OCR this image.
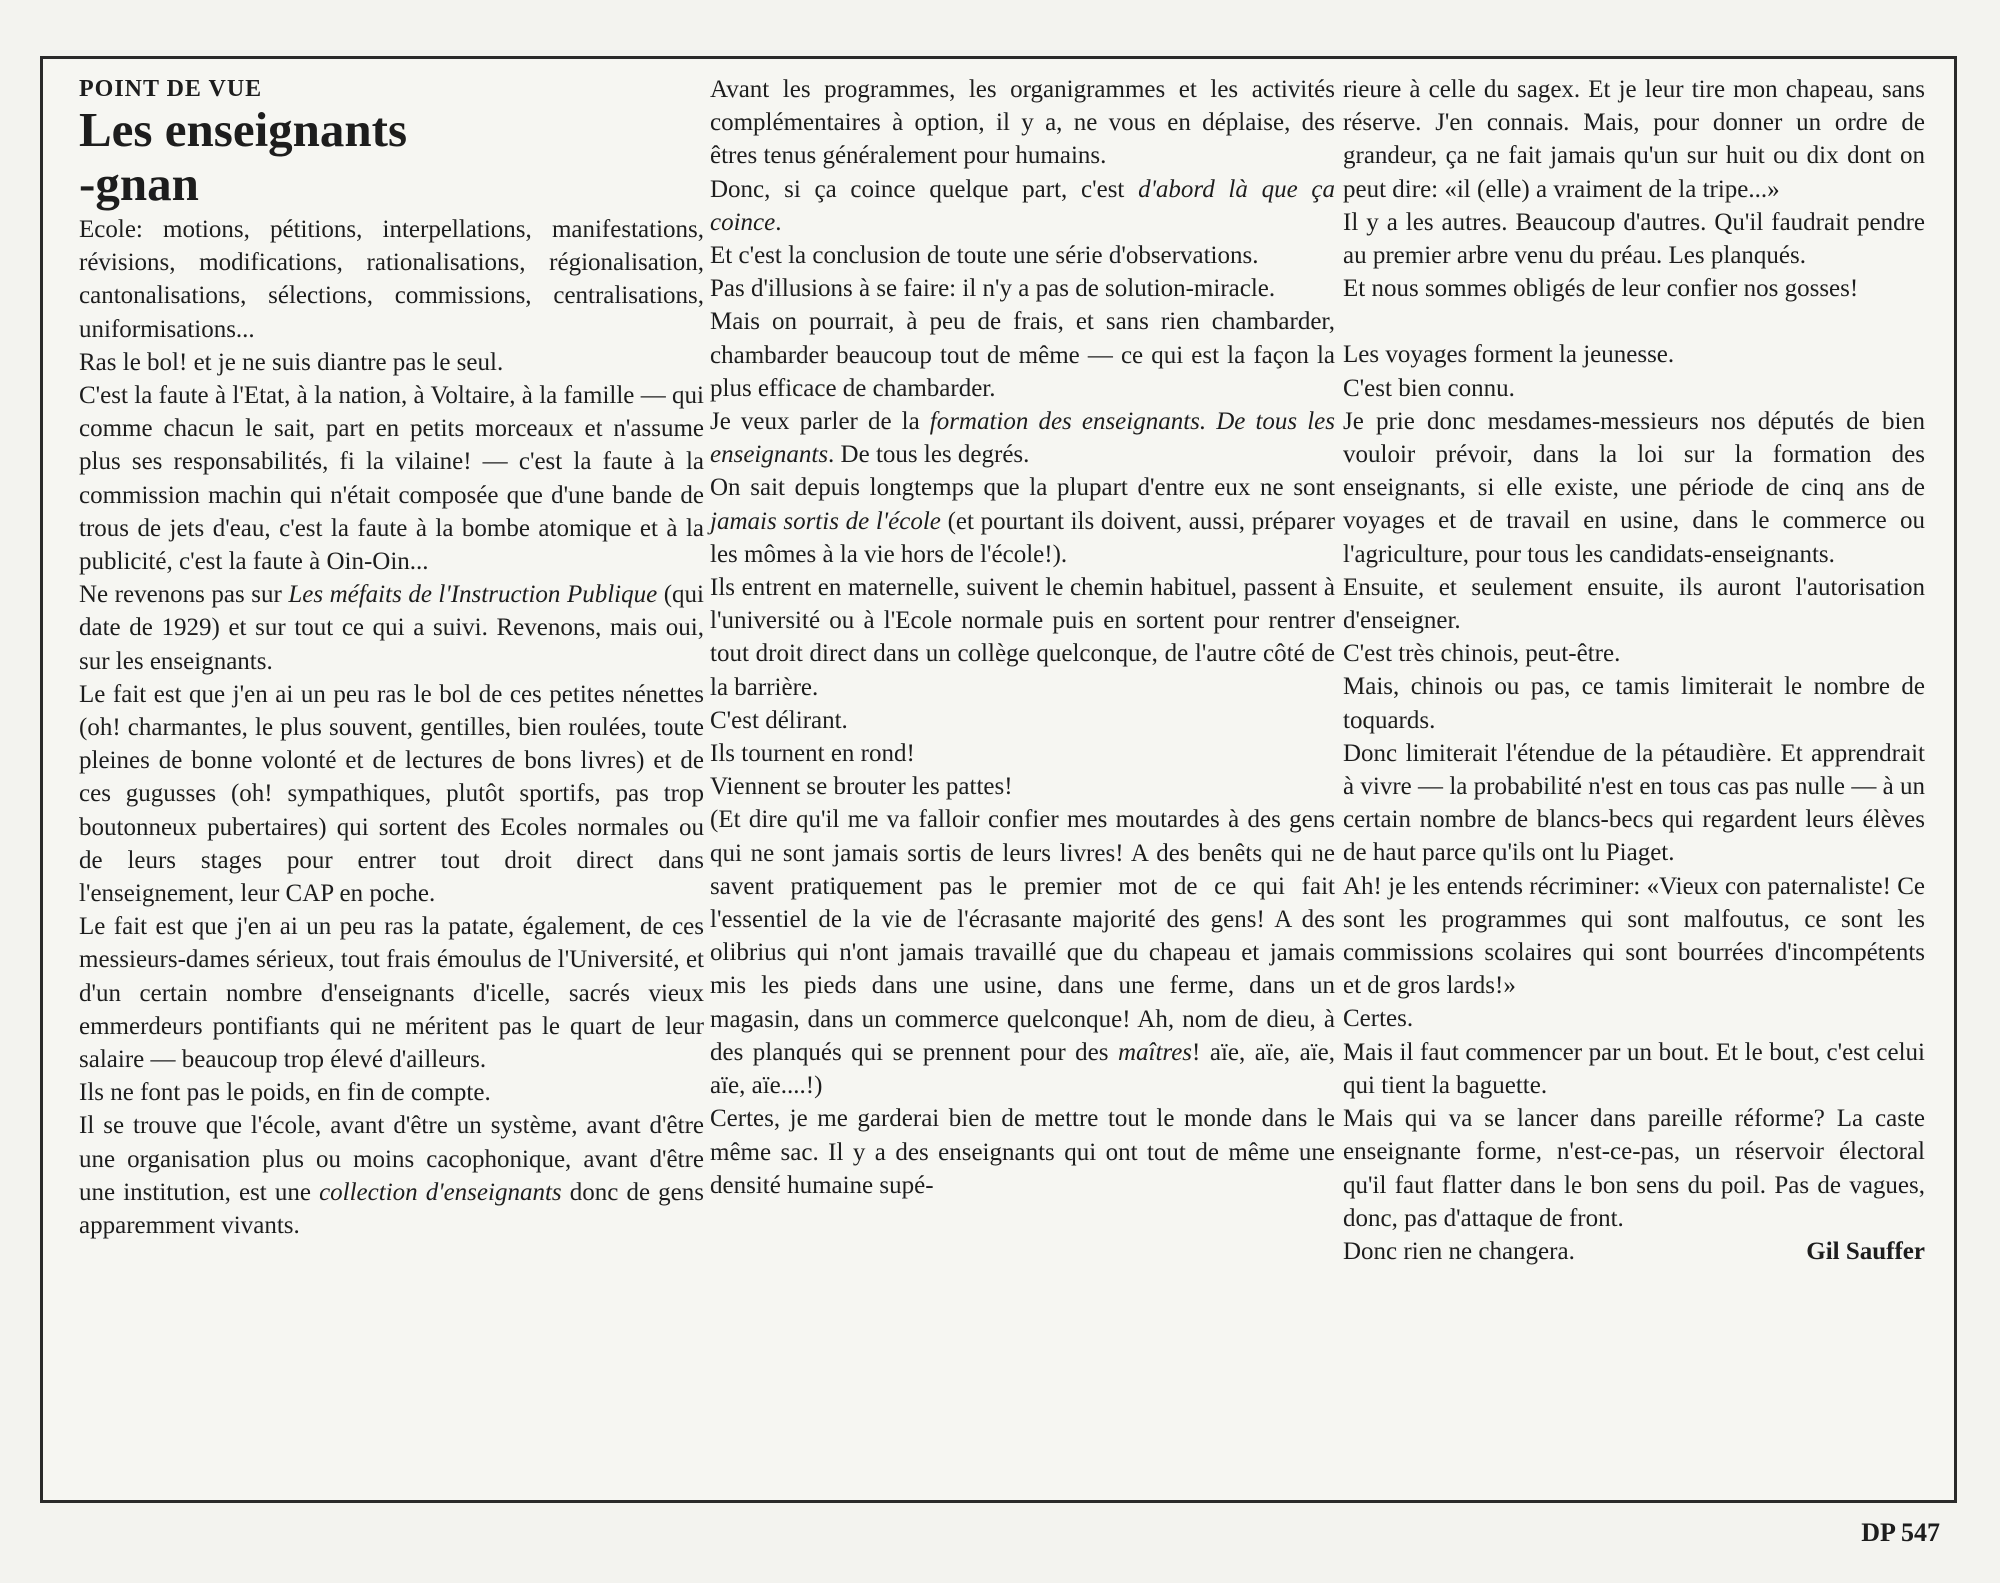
POINT DE VUE
Les enseignants
-gnan

Ecole: motions, pétitions, interpellations, manifestations, révisions, modifications, rationalisations, régionalisation, cantonalisations, sélections, commissions, centralisations, uniformisations...

Ras le bol! et je ne suis diantre pas le seul.

C'est la faute à l'Etat, à la nation, à Voltaire, à la famille — qui comme chacun le sait, part en petits morceaux et n'assume plus ses responsabilités, fi la vilaine! — c'est la faute à la commission machin qui n'était composée que d'une bande de trous de jets d'eau, c'est la faute à la bombe atomique et à la publicité, c'est la faute à Oin-Oin...

Ne revenons pas sur Les méfaits de l'Instruction Publique (qui date de 1929) et sur tout ce qui a suivi. Revenons, mais oui, sur les enseignants.

Le fait est que j'en ai un peu ras le bol de ces petites nénettes (oh! charmantes, le plus souvent, gentilles, bien roulées, toute pleines de bonne volonté et de lectures de bons livres) et de ces gugusses (oh! sympathiques, plutôt sportifs, pas trop boutonneux pubertaires) qui sortent des Ecoles normales ou de leurs stages pour entrer tout droit direct dans l'enseignement, leur CAP en poche.

Le fait est que j'en ai un peu ras la patate, également, de ces messieurs-dames sérieux, tout frais émoulus de l'Université, et d'un certain nombre d'enseignants d'icelle, sacrés vieux emmerdeurs pontifiants qui ne méritent pas le quart de leur salaire — beaucoup trop élevé d'ailleurs.

Ils ne font pas le poids, en fin de compte.

Il se trouve que l'école, avant d'être un système, avant d'être une organisation plus ou moins cacophonique, avant d'être une institution, est une collection d'enseignants donc de gens apparemment vivants.

Avant les programmes, les organigrammes et les activités complémentaires à option, il y a, ne vous en déplaise, des êtres tenus généralement pour humains.

Donc, si ça coince quelque part, c'est d'abord là que ça coince.

Et c'est la conclusion de toute une série d'observations.

Pas d'illusions à se faire: il n'y a pas de solution-miracle.

Mais on pourrait, à peu de frais, et sans rien chambarder, chambarder beaucoup tout de même — ce qui est la façon la plus efficace de chambarder.

Je veux parler de la formation des enseignants. De tous les enseignants. De tous les degrés.

On sait depuis longtemps que la plupart d'entre eux ne sont jamais sortis de l'école (et pourtant ils doivent, aussi, préparer les mômes à la vie hors de l'école!).

Ils entrent en maternelle, suivent le chemin habituel, passent à l'université ou à l'Ecole normale puis en sortent pour rentrer tout droit direct dans un collège quelconque, de l'autre côté de la barrière.

C'est délirant.

Ils tournent en rond!

Viennent se brouter les pattes!

(Et dire qu'il me va falloir confier mes moutardes à des gens qui ne sont jamais sortis de leurs livres! A des benêts qui ne savent pratiquement pas le premier mot de ce qui fait l'essentiel de la vie de l'écrasante majorité des gens! A des olibrius qui n'ont jamais travaillé que du chapeau et jamais mis les pieds dans une usine, dans une ferme, dans un magasin, dans un commerce quelconque! Ah, nom de dieu, à des planqués qui se prennent pour des maîtres! aïe, aïe, aïe, aïe, aïe....!)

Certes, je me garderai bien de mettre tout le monde dans le même sac. Il y a des enseignants qui ont tout de même une densité humaine supé-

rieure à celle du sagex. Et je leur tire mon chapeau, sans réserve. J'en connais. Mais, pour donner un ordre de grandeur, ça ne fait jamais qu'un sur huit ou dix dont on peut dire: «il (elle) a vraiment de la tripe...»

Il y a les autres. Beaucoup d'autres. Qu'il faudrait pendre au premier arbre venu du préau. Les planqués.

Et nous sommes obligés de leur confier nos gosses!

Les voyages forment la jeunesse.

C'est bien connu.

Je prie donc mesdames-messieurs nos députés de bien vouloir prévoir, dans la loi sur la formation des enseignants, si elle existe, une période de cinq ans de voyages et de travail en usine, dans le commerce ou l'agriculture, pour tous les candidats-enseignants.

Ensuite, et seulement ensuite, ils auront l'autorisation d'enseigner.

C'est très chinois, peut-être.

Mais, chinois ou pas, ce tamis limiterait le nombre de toquards.

Donc limiterait l'étendue de la pétaudière. Et apprendrait à vivre — la probabilité n'est en tous cas pas nulle — à un certain nombre de blancs-becs qui regardent leurs élèves de haut parce qu'ils ont lu Piaget.

Ah! je les entends récriminer: «Vieux con paternaliste! Ce sont les programmes qui sont malfoutus, ce sont les commissions scolaires qui sont bourrées d'incompétents et de gros lards!»

Certes.

Mais il faut commencer par un bout. Et le bout, c'est celui qui tient la baguette.

Mais qui va se lancer dans pareille réforme? La caste enseignante forme, n'est-ce-pas, un réservoir électoral qu'il faut flatter dans le bon sens du poil. Pas de vagues, donc, pas d'attaque de front.

Donc rien ne changera.	Gil Sauffer

DP 547
